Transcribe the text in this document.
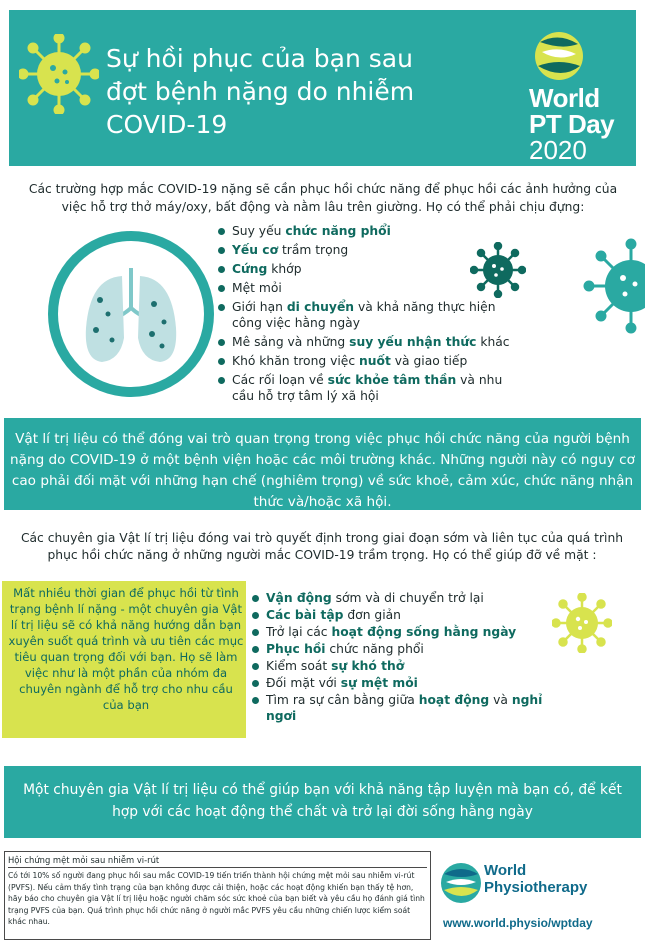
Sự hồi phục của bạn sau
đợt bệnh nặng do nhiễm
COVID-19
World
PT Day
2020

Các trường hợp mắc COVID-19 nặng sẽ cần phục hồi chức năng để phục hồi các ảnh hưởng của việc hỗ trợ thở máy/oxy, bất động và nằm lâu trên giường. Họ có thể phải chịu đựng:

Suy yếu chức năng phổi
Yếu cơ trầm trọng
Cứng khớp
Mệt mỏi
Giới hạn di chuyển và khả năng thực hiện công việc hằng ngày
Mê sảng và những suy yếu nhận thức khác
Khó khăn trong việc nuốt và giao tiếp
Các rối loạn về sức khỏe tâm thần và nhu cầu hỗ trợ tâm lý xã hội

Vật lí trị liệu có thể đóng vai trò quan trọng trong việc phục hồi chức năng của người bệnh nặng do COVID-19 ở một bệnh viện hoặc các môi trường khác. Những người này có nguy cơ cao phải đối mặt với những hạn chế (nghiêm trọng) về sức khoẻ, cảm xúc, chức năng nhận thức và/hoặc xã hội.

Các chuyên gia Vật lí trị liệu đóng vai trò quyết định trong giai đoạn sớm và liên tục của quá trình phục hồi chức năng ở những người mắc COVID-19 trầm trọng. Họ có thể giúp đỡ về mặt :

Mất nhiều thời gian để phục hồi từ tình trạng bệnh lí nặng - một chuyên gia Vật lí trị liệu sẽ có khả năng hướng dẫn bạn xuyên suốt quá trình và ưu tiên các mục tiêu quan trọng đối với bạn. Họ sẽ làm việc như là một phần của nhóm đa chuyên ngành để hỗ trợ cho nhu cầu của bạn

Vận động sớm và di chuyển trở lại
Các bài tập đơn giản
Trở lại các hoạt động sống hằng ngày
Phục hồi chức năng phổi
Kiểm soát sự khó thở
Đối mặt với sự mệt mỏi
Tìm ra sự cân bằng giữa hoạt động và nghỉ ngơi

Một chuyên gia Vật lí trị liệu có thể giúp bạn với khả năng tập luyện mà bạn có, để kết hợp với các hoạt động thể chất và trở lại đời sống hằng ngày

Hội chứng mệt mỏi sau nhiễm vi-rút
Có tới 10% số người đang phục hồi sau mắc COVID-19 tiến triển thành hội chứng mệt mỏi sau nhiễm vi-rút (PVFS). Nếu cảm thấy tình trạng của bạn không được cải thiện, hoặc các hoạt động khiến bạn thấy tệ hơn, hãy báo cho chuyên gia Vật lí trị liệu hoặc người chăm sóc sức khoẻ của bạn biết và yêu cầu họ đánh giá tình trạng PVFS của bạn. Quá trình phục hồi chức năng ở người mắc PVFS yêu cầu những chiến lược kiểm soát khác nhau.
World
Physiotherapy
www.world.physio/wptday
